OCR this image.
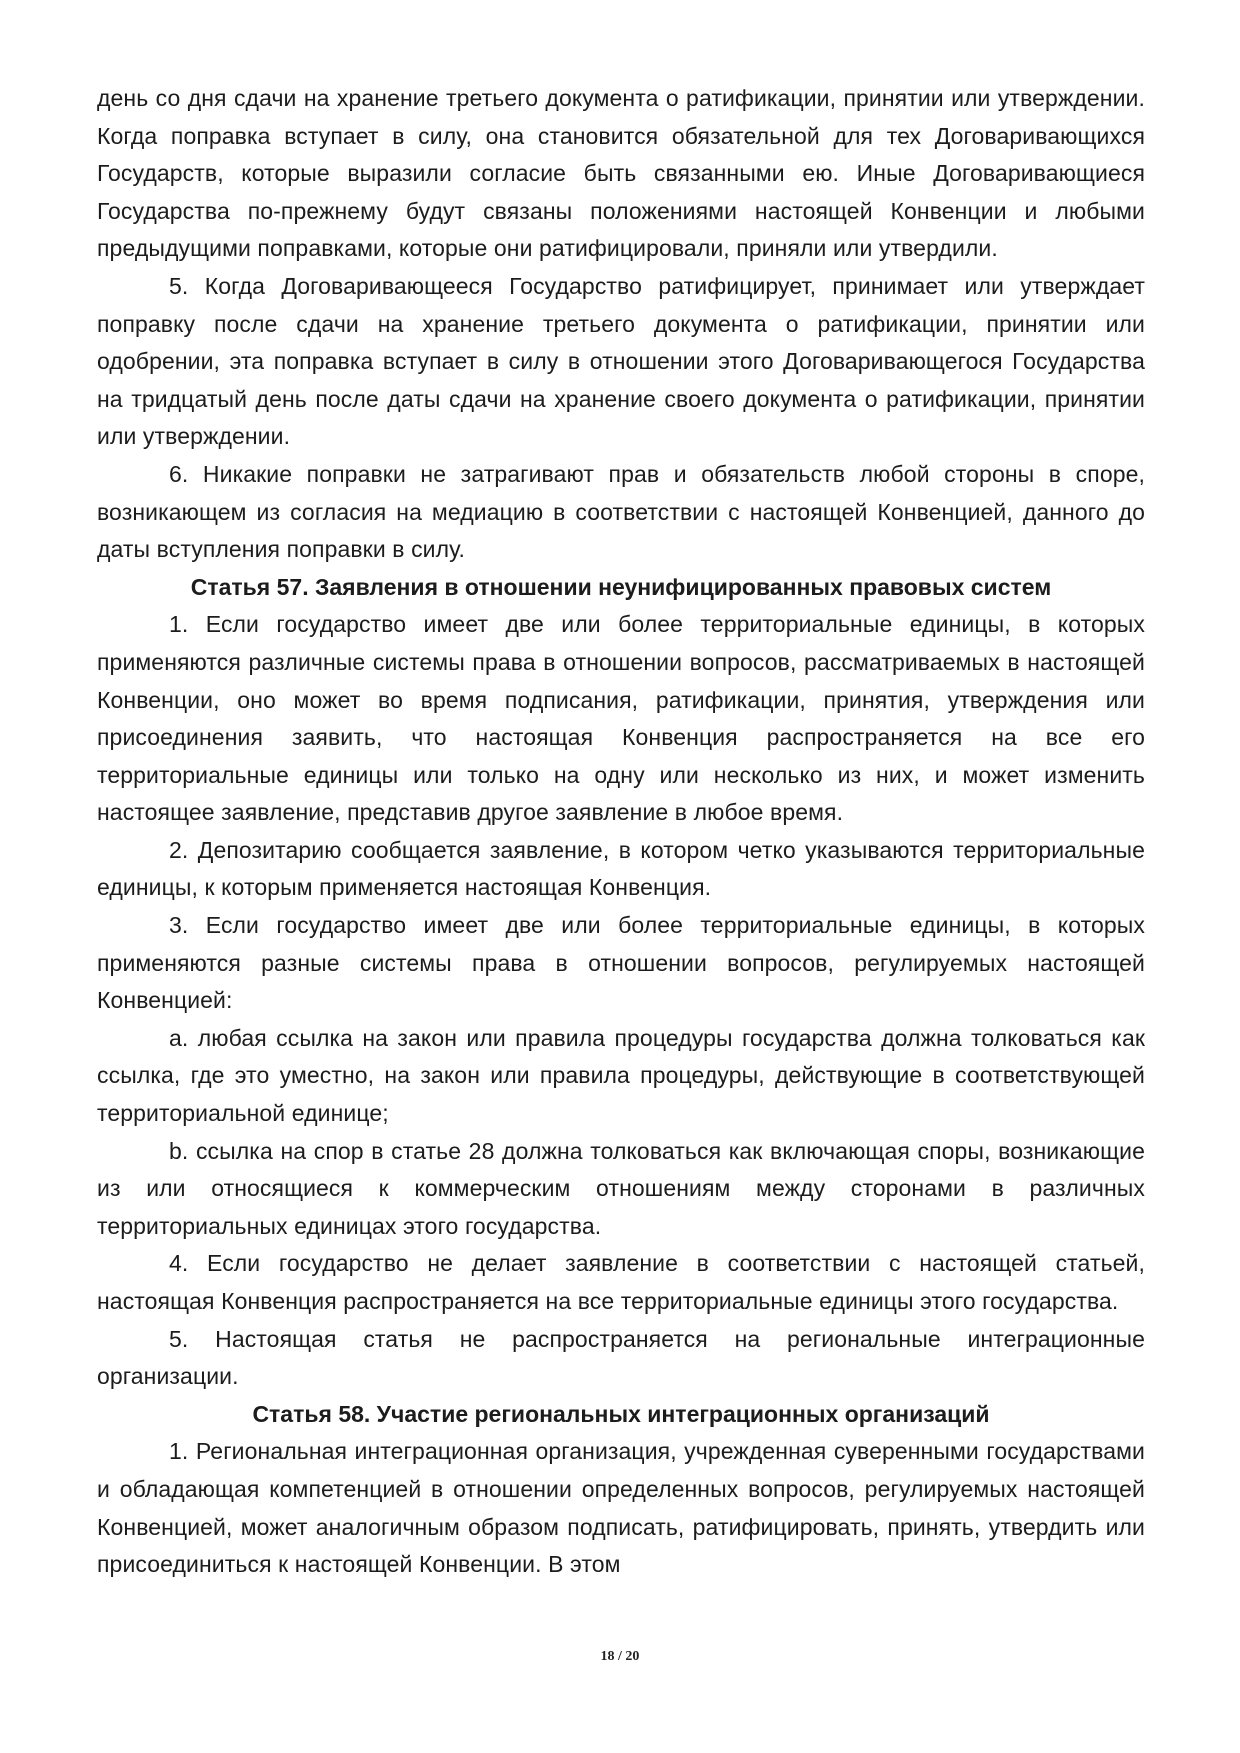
день со дня сдачи на хранение третьего документа о ратификации, принятии или утверждении. Когда поправка вступает в силу, она становится обязательной для тех Договаривающихся Государств, которые выразили согласие быть связанными ею. Иные Договаривающиеся Государства по-прежнему будут связаны положениями настоящей Конвенции и любыми предыдущими поправками, которые они ратифицировали, приняли или утвердили.

5. Когда Договаривающееся Государство ратифицирует, принимает или утверждает поправку после сдачи на хранение третьего документа о ратификации, принятии или одобрении, эта поправка вступает в силу в отношении этого Договаривающегося Государства на тридцатый день после даты сдачи на хранение своего документа о ратификации, принятии или утверждении.

6. Никакие поправки не затрагивают прав и обязательств любой стороны в споре, возникающем из согласия на медиацию в соответствии с настоящей Конвенцией, данного до даты вступления поправки в силу.

Статья 57. Заявления в отношении неунифицированных правовых систем

1. Если государство имеет две или более территориальные единицы, в которых применяются различные системы права в отношении вопросов, рассматриваемых в настоящей Конвенции, оно может во время подписания, ратификации, принятия, утверждения или присоединения заявить, что настоящая Конвенция распространяется на все его территориальные единицы или только на одну или несколько из них, и может изменить настоящее заявление, представив другое заявление в любое время.

2. Депозитарию сообщается заявление, в котором четко указываются территориальные единицы, к которым применяется настоящая Конвенция.

3. Если государство имеет две или более территориальные единицы, в которых применяются разные системы права в отношении вопросов, регулируемых настоящей Конвенцией:

a. любая ссылка на закон или правила процедуры государства должна толковаться как ссылка, где это уместно, на закон или правила процедуры, действующие в соответствующей территориальной единице;

b. ссылка на спор в статье 28 должна толковаться как включающая споры, возникающие из или относящиеся к коммерческим отношениям между сторонами в различных территориальных единицах этого государства.

4. Если государство не делает заявление в соответствии с настоящей статьей, настоящая Конвенция распространяется на все территориальные единицы этого государства.

5. Настоящая статья не распространяется на региональные интеграционные организации.

Статья 58. Участие региональных интеграционных организаций

1. Региональная интеграционная организация, учрежденная суверенными государствами и обладающая компетенцией в отношении определенных вопросов, регулируемых настоящей Конвенцией, может аналогичным образом подписать, ратифицировать, принять, утвердить или присоединиться к настоящей Конвенции. В этом

18 / 20
